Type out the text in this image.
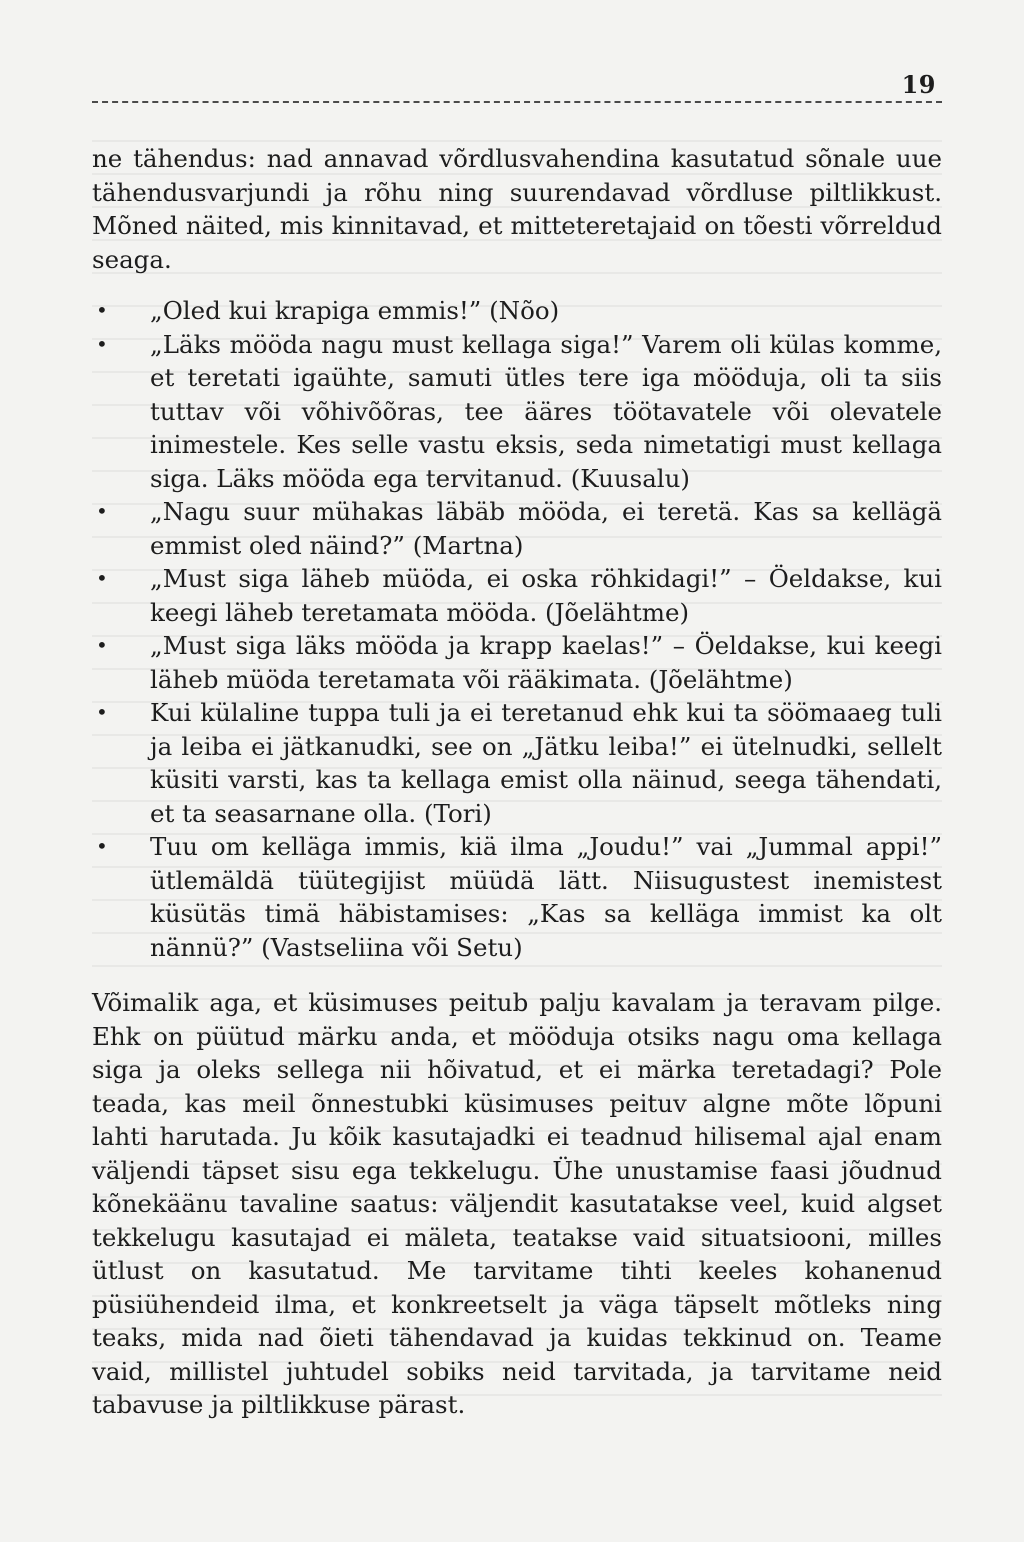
19

ne tähendus: nad annavad võrdlusvahendina kasutatud sõnale uue tähendusvarjundi ja rõhu ning suurendavad võrdluse piltlikkust. Mõned näited, mis kinnitavad, et mitteteretajaid on tõesti võrreldud seaga.

• „Oled kui krapiga emmis!” (Nõo)
• „Läks mööda nagu must kellaga siga!” Varem oli külas komme, et teretati igaühte, samuti ütles tere iga mööduja, oli ta siis tuttav või võhivõõras, tee ääres töötavatele või olevatele inimestele. Kes selle vastu eksis, seda nimetatigi must kellaga siga. Läks mööda ega tervitanud. (Kuusalu)
• „Nagu suur mühakas läbäb mööda, ei teretä. Kas sa kellägä emmist oled näind?” (Martna)
• „Must siga läheb müöda, ei oska röhkidagi!” – Öeldakse, kui keegi läheb teretamata mööda. (Jõelähtme)
• „Must siga läks mööda ja krapp kaelas!” – Öeldakse, kui keegi läheb müöda teretamata või rääkimata. (Jõelähtme)
• Kui külaline tuppa tuli ja ei teretanud ehk kui ta söömaaeg tuli ja leiba ei jätkanudki, see on „Jätku leiba!” ei ütelnudki, sellelt küsiti varsti, kas ta kellaga emist olla näinud, seega tähendati, et ta seasarnane olla. (Tori)
• Tuu om kelläga immis, kiä ilma „Joudu!” vai „Jummal appi!” ütlemäldä tüütegijist müüdä lätt. Niisugustest inemistest küsütäs timä häbistamises: „Kas sa kelläga immist ka olt nännü?” (Vastseliina või Setu)

Võimalik aga, et küsimuses peitub palju kavalam ja teravam pilge. Ehk on püütud märku anda, et mööduja otsiks nagu oma kellaga siga ja oleks sellega nii hõivatud, et ei märka teretadagi? Pole teada, kas meil õnnestubki küsimuses peituv algne mõte lõpuni lahti harutada. Ju kõik kasutajadki ei teadnud hilisemal ajal enam väljendi täpset sisu ega tekkelugu. Ühe unustamise faasi jõudnud kõnekäänu tavaline saatus: väljendit kasutatakse veel, kuid algset tekkelugu kasutajad ei mäleta, teatakse vaid situatsiooni, milles ütlust on kasutatud. Me tarvitame tihti keeles kohanenud püsiühendeid ilma, et konkreetselt ja väga täpselt mõtleks ning teaks, mida nad õieti tähendavad ja kuidas tekkinud on. Teame vaid, millistel juhtudel sobiks neid tarvitada, ja tarvitame neid tabavuse ja piltlikkuse pärast.
